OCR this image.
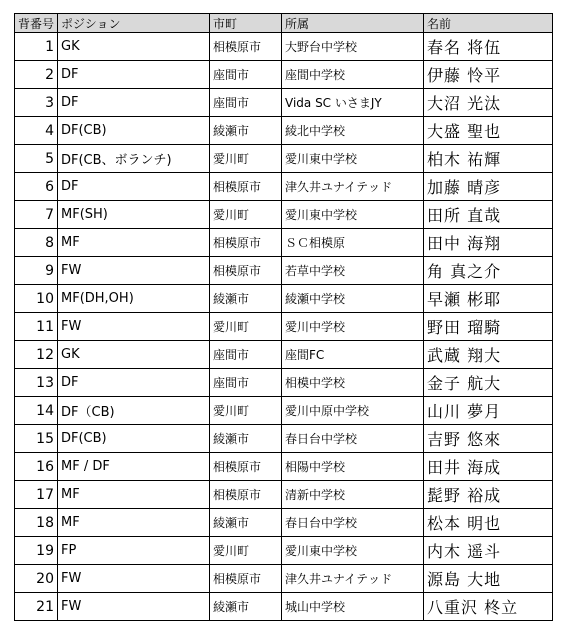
背番号	ポジション	市町	所属	名前
1	GK	相模原市	大野台中学校	春名 将伍
2	DF	座間市	座間中学校	伊藤 怜平
3	DF	座間市	Vida SC いさまJY	大沼 光汰
4	DF(CB)	綾瀬市	綾北中学校	大盛 聖也
5	DF(CB、ボランチ)	愛川町	愛川東中学校	柏木 祐輝
6	DF	相模原市	津久井ユナイテッド	加藤 晴彦
7	MF(SH)	愛川町	愛川東中学校	田所 直哉
8	MF	相模原市	ＳＣ相模原	田中 海翔
9	FW	相模原市	若草中学校	角 真之介
10	MF(DH,OH)	綾瀬市	綾瀬中学校	早瀬 彬耶
11	FW	愛川町	愛川中学校	野田 瑠騎
12	GK	座間市	座間FC	武蔵 翔大
13	DF	座間市	相模中学校	金子 航大
14	DF（CB)	愛川町	愛川中原中学校	山川 夢月
15	DF(CB)	綾瀬市	春日台中学校	吉野 悠來
16	MF / DF	相模原市	相陽中学校	田井 海成
17	MF	相模原市	清新中学校	髭野 裕成
18	MF	綾瀬市	春日台中学校	松本 明也
19	FP	愛川町	愛川東中学校	内木 遥斗
20	FW	相模原市	津久井ユナイテッド	源島 大地
21	FW	綾瀬市	城山中学校	八重沢 柊立
